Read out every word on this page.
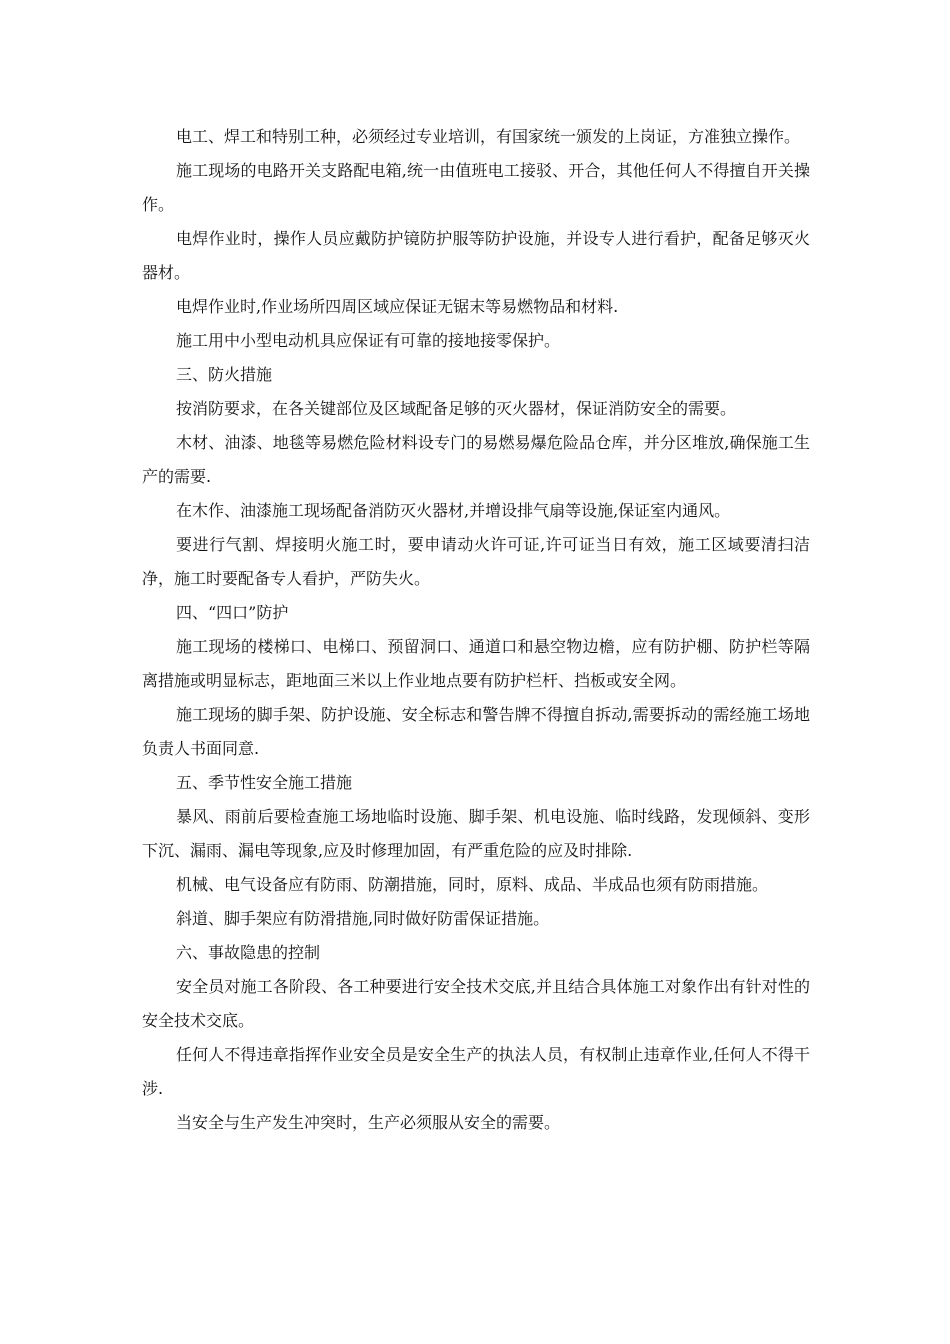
电工、焊工和特别工种，必须经过专业培训，有国家统一颁发的上岗证，方准独立操作。

施工现场的电路开关支路配电箱,统一由值班电工接驳、开合，其他任何人不得擅自开关操作。

电焊作业时，操作人员应戴防护镜防护服等防护设施，并设专人进行看护，配备足够灭火器材。

电焊作业时,作业场所四周区域应保证无锯末等易燃物品和材料.

施工用中小型电动机具应保证有可靠的接地接零保护。

三、防火措施

按消防要求，在各关键部位及区域配备足够的灭火器材，保证消防安全的需要。

木材、油漆、地毯等易燃危险材料设专门的易燃易爆危险品仓库，并分区堆放,确保施工生产的需要.

在木作、油漆施工现场配备消防灭火器材,并增设排气扇等设施,保证室内通风。

要进行气割、焊接明火施工时，要申请动火许可证,许可证当日有效，施工区域要清扫洁净，施工时要配备专人看护，严防失火。

四、“四口”防护

施工现场的楼梯口、电梯口、预留洞口、通道口和悬空物边檐，应有防护棚、防护栏等隔离措施或明显标志，距地面三米以上作业地点要有防护栏杆、挡板或安全网。

施工现场的脚手架、防护设施、安全标志和警告牌不得擅自拆动,需要拆动的需经施工场地负责人书面同意.

五、季节性安全施工措施

暴风、雨前后要检查施工场地临时设施、脚手架、机电设施、临时线路，发现倾斜、变形下沉、漏雨、漏电等现象,应及时修理加固，有严重危险的应及时排除.

机械、电气设备应有防雨、防潮措施，同时，原料、成品、半成品也须有防雨措施。

斜道、脚手架应有防滑措施,同时做好防雷保证措施。

六、事故隐患的控制

安全员对施工各阶段、各工种要进行安全技术交底,并且结合具体施工对象作出有针对性的安全技术交底。

任何人不得违章指挥作业安全员是安全生产的执法人员，有权制止违章作业,任何人不得干涉.

当安全与生产发生冲突时，生产必须服从安全的需要。
